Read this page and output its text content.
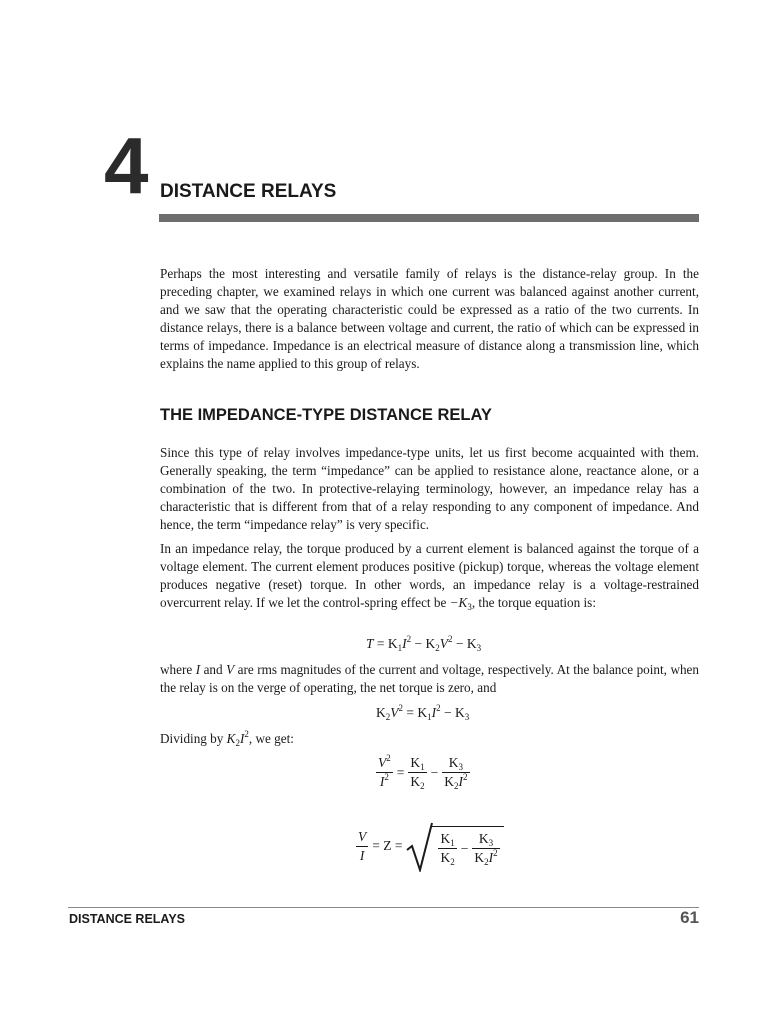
4 DISTANCE RELAYS

Perhaps the most interesting and versatile family of relays is the distance-relay group. In the preceding chapter, we examined relays in which one current was balanced against another current, and we saw that the operating characteristic could be expressed as a ratio of the two currents. In distance relays, there is a balance between voltage and current, the ratio of which can be expressed in terms of impedance. Impedance is an electrical measure of distance along a transmission line, which explains the name applied to this group of relays.

THE IMPEDANCE-TYPE DISTANCE RELAY

Since this type of relay involves impedance-type units, let us first become acquainted with them. Generally speaking, the term “impedance” can be applied to resistance alone, reactance alone, or a combination of the two. In protective-relaying terminology, however, an impedance relay has a characteristic that is different from that of a relay responding to any component of impedance. And hence, the term “impedance relay” is very specific.

In an impedance relay, the torque produced by a current element is balanced against the torque of a voltage element. The current element produces positive (pickup) torque, whereas the voltage element produces negative (reset) torque. In other words, an impedance relay is a voltage-restrained overcurrent relay. If we let the control-spring effect be $-K_3$, the torque equation is:

$T = K_1I^2 - K_2V^2 - K_3$

where I and V are rms magnitudes of the current and voltage, respectively. At the balance point, when the relay is on the verge of operating, the net torque is zero, and

$K_2V^2 = K_1I^2 - K_3$

Dividing by $K_2I^2$, we get:

$\frac{V^2}{I^2} = \frac{K_1}{K_2} - \frac{K_3}{K_2I^2}$
$\frac{V}{I} = Z$ =	$\frac{K_1}{K_2} - \frac{K_3}{K_2I^2}$
DISTANCE RELAYS	61
